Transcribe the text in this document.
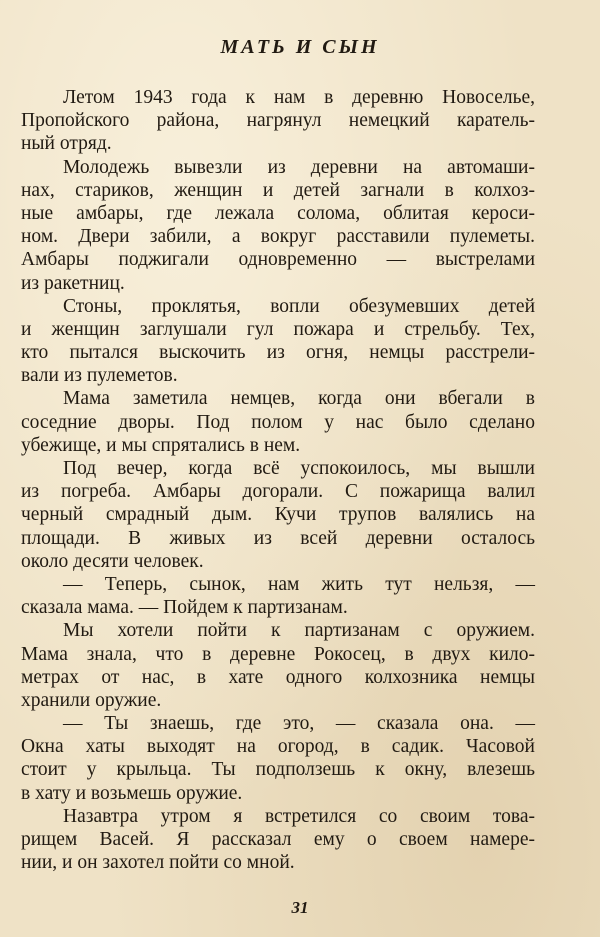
МАТЬ И СЫН
Летом 1943 года к нам в деревню Новоселье,
Пропойского района, нагрянул немецкий каратель-
ный отряд.
Молодежь вывезли из деревни на автомаши-
нах, стариков, женщин и детей загнали в колхоз-
ные амбары, где лежала солома, облитая кероси-
ном. Двери забили, а вокруг расставили пулеметы.
Амбары поджигали одновременно — выстрелами
из ракетниц.
Стоны, проклятья, вопли обезумевших детей
и женщин заглушали гул пожара и стрельбу. Тех,
кто пытался выскочить из огня, немцы расстрели-
вали из пулеметов.
Мама заметила немцев, когда они вбегали в
соседние дворы. Под полом у нас было сделано
убежище, и мы спрятались в нем.
Под вечер, когда всё успокоилось, мы вышли
из погреба. Амбары догорали. С пожарища валил
черный смрадный дым. Кучи трупов валялись на
площади. В живых из всей деревни осталось
около десяти человек.
— Теперь, сынок, нам жить тут нельзя, —
сказала мама. — Пойдем к партизанам.
Мы хотели пойти к партизанам с оружием.
Мама знала, что в деревне Рокосец, в двух кило-
метрах от нас, в хате одного колхозника немцы
хранили оружие.
— Ты знаешь, где это, — сказала она. —
Окна хаты выходят на огород, в садик. Часовой
стоит у крыльца. Ты подползешь к окну, влезешь
в хату и возьмешь оружие.
Назавтра утром я встретился со своим това-
рищем Васей. Я рассказал ему о своем намере-
нии, и он захотел пойти со мной.
31
